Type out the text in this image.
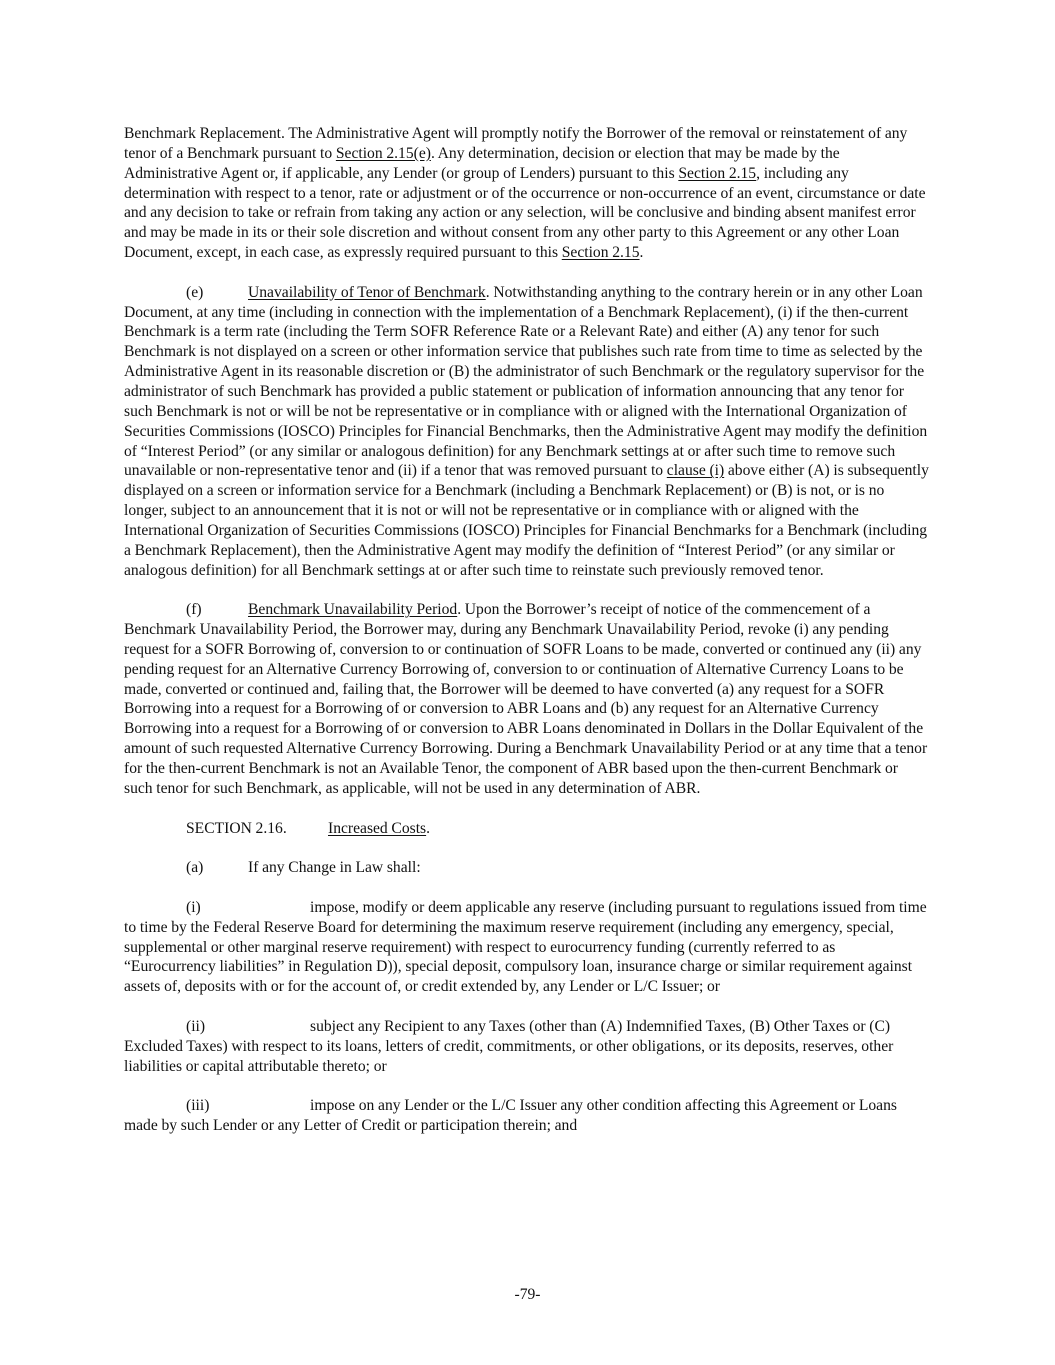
Benchmark Replacement. The Administrative Agent will promptly notify the Borrower of the removal or reinstatement of any tenor of a Benchmark pursuant to Section 2.15(e). Any determination, decision or election that may be made by the Administrative Agent or, if applicable, any Lender (or group of Lenders) pursuant to this Section 2.15, including any determination with respect to a tenor, rate or adjustment or of the occurrence or non-occurrence of an event, circumstance or date and any decision to take or refrain from taking any action or any selection, will be conclusive and binding absent manifest error and may be made in its or their sole discretion and without consent from any other party to this Agreement or any other Loan Document, except, in each case, as expressly required pursuant to this Section 2.15.

(e)	Unavailability of Tenor of Benchmark. Notwithstanding anything to the contrary herein or in any other Loan Document, at any time (including in connection with the implementation of a Benchmark Replacement), (i) if the then-current Benchmark is a term rate (including the Term SOFR Reference Rate or a Relevant Rate) and either (A) any tenor for such Benchmark is not displayed on a screen or other information service that publishes such rate from time to time as selected by the Administrative Agent in its reasonable discretion or (B) the administrator of such Benchmark or the regulatory supervisor for the administrator of such Benchmark has provided a public statement or publication of information announcing that any tenor for such Benchmark is not or will be not be representative or in compliance with or aligned with the International Organization of Securities Commissions (IOSCO) Principles for Financial Benchmarks, then the Administrative Agent may modify the definition of “Interest Period” (or any similar or analogous definition) for any Benchmark settings at or after such time to remove such unavailable or non-representative tenor and (ii) if a tenor that was removed pursuant to clause (i) above either (A) is subsequently displayed on a screen or information service for a Benchmark (including a Benchmark Replacement) or (B) is not, or is no longer, subject to an announcement that it is not or will not be representative or in compliance with or aligned with the International Organization of Securities Commissions (IOSCO) Principles for Financial Benchmarks for a Benchmark (including a Benchmark Replacement), then the Administrative Agent may modify the definition of “Interest Period” (or any similar or analogous definition) for all Benchmark settings at or after such time to reinstate such previously removed tenor.

(f)	Benchmark Unavailability Period. Upon the Borrower’s receipt of notice of the commencement of a Benchmark Unavailability Period, the Borrower may, during any Benchmark Unavailability Period, revoke (i) any pending request for a SOFR Borrowing of, conversion to or continuation of SOFR Loans to be made, converted or continued any (ii) any pending request for an Alternative Currency Borrowing of, conversion to or continuation of Alternative Currency Loans to be made, converted or continued and, failing that, the Borrower will be deemed to have converted (a) any request for a SOFR Borrowing into a request for a Borrowing of or conversion to ABR Loans and (b) any request for an Alternative Currency Borrowing into a request for a Borrowing of or conversion to ABR Loans denominated in Dollars in the Dollar Equivalent of the amount of such requested Alternative Currency Borrowing. During a Benchmark Unavailability Period or at any time that a tenor for the then-current Benchmark is not an Available Tenor, the component of ABR based upon the then-current Benchmark or such tenor for such Benchmark, as applicable, will not be used in any determination of ABR.

SECTION 2.16.	Increased Costs.

(a)	If any Change in Law shall:

(i)	impose, modify or deem applicable any reserve (including pursuant to regulations issued from time to time by the Federal Reserve Board for determining the maximum reserve requirement (including any emergency, special, supplemental or other marginal reserve requirement) with respect to eurocurrency funding (currently referred to as “Eurocurrency liabilities” in Regulation D)), special deposit, compulsory loan, insurance charge or similar requirement against assets of, deposits with or for the account of, or credit extended by, any Lender or L/C Issuer; or

(ii)	subject any Recipient to any Taxes (other than (A) Indemnified Taxes, (B) Other Taxes or (C) Excluded Taxes) with respect to its loans, letters of credit, commitments, or other obligations, or its deposits, reserves, other liabilities or capital attributable thereto; or

(iii)	impose on any Lender or the L/C Issuer any other condition affecting this Agreement or Loans made by such Lender or any Letter of Credit or participation therein; and

-79-
